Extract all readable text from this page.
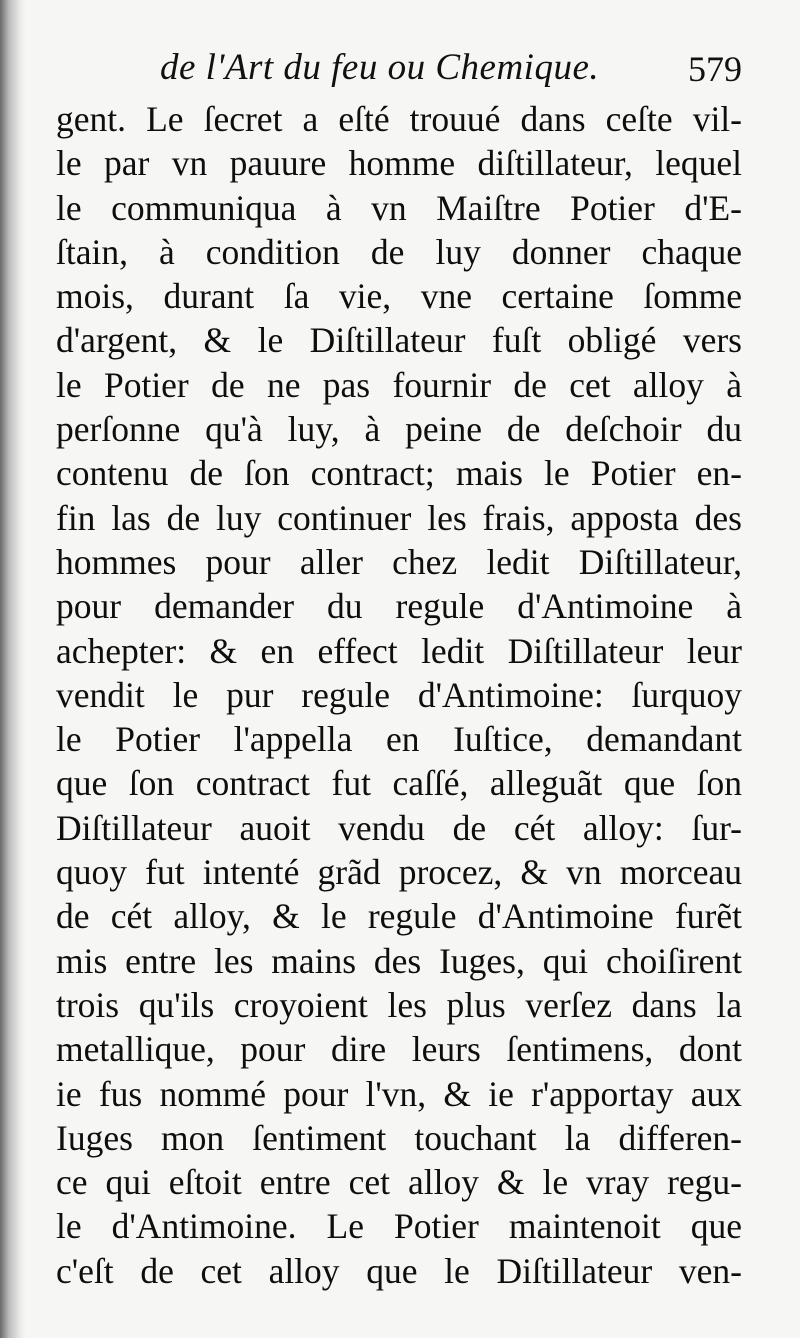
de l'Art du feu ou Chemique. 579
gent. Le ſecret a eſté trouué dans ceſte vil-
le par vn pauure homme diſtillateur, lequel
le communiqua à vn Maiſtre Potier d'E-
ſtain, à condition de luy donner chaque
mois, durant ſa vie, vne certaine ſomme
d'argent, & le Diſtillateur fuſt obligé vers
le Potier de ne pas fournir de cet alloy à
perſonne qu'à luy, à peine de deſchoir du
contenu de ſon contract; mais le Potier en-
fin las de luy continuer les frais, apposta des
hommes pour aller chez ledit Diſtillateur,
pour demander du regule d'Antimoine à
achepter: & en effect ledit Diſtillateur leur
vendit le pur regule d'Antimoine: ſurquoy
le Potier l'appella en Iuſtice, demandant
que ſon contract fut caſſé, alleguãt que ſon
Diſtillateur auoit vendu de cét alloy: ſur-
quoy fut intenté grãd procez, & vn morceau
de cét alloy, & le regule d'Antimoine furẽt
mis entre les mains des Iuges, qui choiſirent
trois qu'ils croyoient les plus verſez dans la
metallique, pour dire leurs ſentimens, dont
ie fus nommé pour l'vn, & ie r'apportay aux
Iuges mon ſentiment touchant la differen-
ce qui eſtoit entre cet alloy & le vray regu-
le d'Antimoine. Le Potier maintenoit que
c'eſt de cet alloy que le Diſtillateur ven-
